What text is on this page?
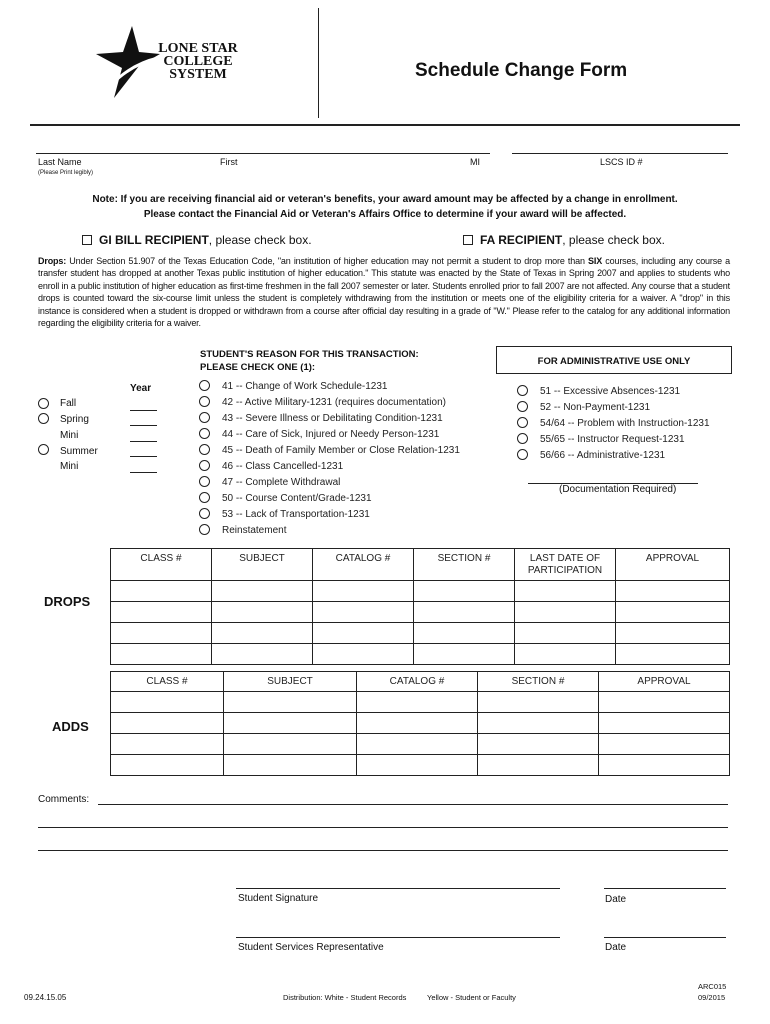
LONE STAR
COLLEGE
SYSTEM	Schedule Change Form
Last Name	First	MI	LSCS ID #
(Please Print legibly)
Note: If you are receiving financial aid or veteran's benefits, your award amount may be affected by a change in enrollment.
Please contact the Financial Aid or Veteran's Affairs Office to determine if your award will be affected.
GI BILL RECIPIENT, please check box.	FA RECIPIENT, please check box.
Drops: Under Section 51.907 of the Texas Education Code, "an institution of higher education may not permit a student to drop more than SIX courses, including any course a transfer student has dropped at another Texas public institution of higher education." This statute was enacted by the State of Texas in Spring 2007 and applies to students who enroll in a public institution of higher education as first-time freshmen in the fall 2007 semester or later. Students enrolled prior to fall 2007 are not affected. Any course that a student drops is counted toward the six-course limit unless the student is completely withdrawing from the institution or meets one of the eligibility criteria for a waiver. A "drop" in this instance is considered when a student is dropped or withdrawn from a course after official day resulting in a grade of "W." Please refer to the catalog for any additional information regarding the eligibility criteria for a waiver.
STUDENT'S REASON FOR THIS TRANSACTION:
PLEASE CHECK ONE (1):
Year
Fall
Spring
Mini
Summer
Mini
41 -- Change of Work Schedule-1231
42 -- Active Military-1231 (requires documentation)
43 -- Severe Illness or Debilitating Condition-1231
44 -- Care of Sick, Injured or Needy Person-1231
45 -- Death of Family Member or Close Relation-1231
46 -- Class Cancelled-1231
47 -- Complete Withdrawal
50 -- Course Content/Grade-1231
53 -- Lack of Transportation-1231
Reinstatement
FOR ADMINISTRATIVE USE ONLY
51 -- Excessive Absences-1231
52 -- Non-Payment-1231
54/64 -- Problem with Instruction-1231
55/65 -- Instructor Request-1231
56/66 -- Administrative-1231
(Documentation Required)
DROPS
CLASS #	SUBJECT	CATALOG #	SECTION #	LAST DATE OF PARTICIPATION	APPROVAL

ADDS
CLASS #	SUBJECT	CATALOG #	SECTION #	APPROVAL

Comments:
Student Signature	Date
Student Services Representative	Date
09.24.15.05	Distribution: White - Student Records	Yellow - Student or Faculty
ARC015
09/2015
